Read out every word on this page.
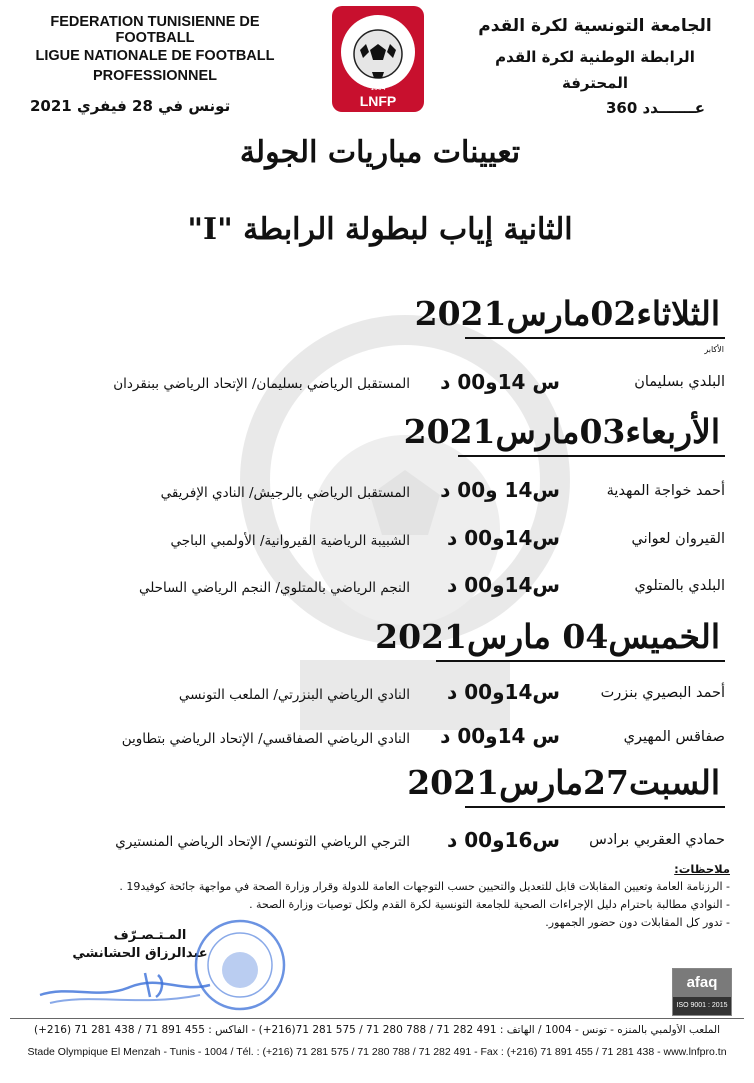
FEDERATION TUNISIENNE DE FOOTBALL
LIGUE NATIONALE DE FOOTBALL
PROFESSIONNEL
1994
LNFP
الجامعة التونسية لكرة القدم
الرابطة الوطنية لكرة القدم
المحترفة
تونس في 28 فيفري 2021	عـــــــدد 360
تعيينات مباريات الجولة
الثانية إياب لبطولة الرابطة "I"
الثلاثاء02مارس2021
الأكابر
البلدي بسليمان
س 14و00 د
المستقبل الرياضي بسليمان/ الإتحاد الرياضي ببنقردان
الأربعاء03مارس2021
أحمد خواجة المهدية
س14 و00 د
المستقبل الرياضي بالرجيش/ النادي الإفريقي
القيروان لعواني
س14و00 د
الشبيبة الرياضية القيروانية/ الأولمبي الباجي
البلدي بالمتلوي
س14و00 د
النجم الرياضي بالمتلوي/ النجم الرياضي الساحلي
الخميس04 مارس2021
أحمد البصيري بنزرت
س14و00 د
النادي الرياضي البنزرتي/ الملعب التونسي
صفاقس المهيري
س 14و00 د
النادي الرياضي الصفاقسي/ الإتحاد الرياضي بتطاوين
السبت27مارس2021
حمادي العقربي برادس
س16و00 د
الترجي الرياضي التونسي/ الإتحاد الرياضي المنستيري
ملاحظات:
- الرزنامة العامة وتعيين المقابلات قابل للتعديل والتحيين حسب التوجهات العامة للدولة وقرار وزارة الصحة في مواجهة جائحة كوفيد19 .
- النوادي مطالبة باحترام دليل الإجراءات الصحية للجامعة التونسية لكرة القدم ولكل توصيات وزارة الصحة .
- تدور كل المقابلات دون حضور الجمهور.
المـتـصـرّف
عبدالرزاق الحشانشي
afaq
ISO 9001 : 2015
الملعب الأولمبي بالمنزه - تونس - 1004 / الهاتف : 491 282 71 / 788 280 71 / 575 281 71(216+) - الفاكس : 455 891 71 / 438 281 71 (216+)
Stade Olympique El Menzah - Tunis - 1004 / Tél. : (+216) 71 281 575 / 71 280 788 / 71 282 491 - Fax : (+216) 71 891 455 / 71 281 438 - www.lnfpro.tn
